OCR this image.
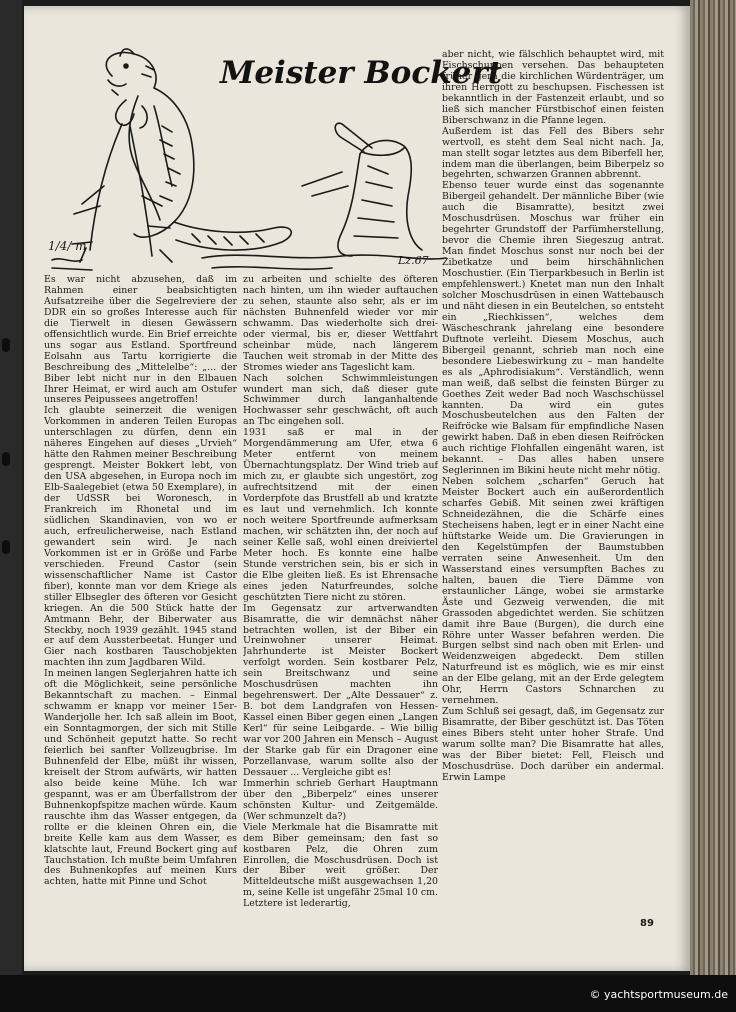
1/4/ m
Lz.67
Meister Bockert

Es war nicht abzusehen, daß im Rahmen einer beabsichtigten Aufsatzreihe über die Segelreviere der DDR ein so großes Interesse auch für die Tierwelt in diesen Gewässern offensichtlich wurde. Ein Brief erreichte uns sogar aus Estland. Sportfreund Eolsahn aus Tartu korrigierte die Beschreibung des „Mittelelbe“: „... der Biber lebt nicht nur in den Elbauen Ihrer Heimat, er wird auch am Ostufer unseres Peipussees angetroffen!

Ich glaubte seinerzeit die wenigen Vorkommen in anderen Teilen Europas unterschlagen zu dürfen, denn ein näheres Eingehen auf dieses „Urvieh“ hätte den Rahmen meiner Beschreibung gesprengt. Meister Bokkert lebt, von den USA abgesehen, in Europa noch im Elb-Saalegebiet (etwa 50 Exemplare), in der UdSSR bei Woronesch, in Frankreich im Rhonetal und im südlichen Skandinavien, von wo er auch, erfreulicherweise, nach Estland gewandert sein wird. Je nach Vorkommen ist er in Größe und Farbe verschieden. Freund Castor (sein wissenschaftlicher Name ist Castor fiber), konnte man vor dem Kriege als stiller Elbsegler des öfteren vor Gesicht kriegen. An die 500 Stück hatte der Amtmann Behr, der Biberwater aus Steckby, noch 1939 gezählt. 1945 stand er auf dem Aussterbeetat. Hunger und Gier nach kostbaren Tauschobjekten machten ihn zum Jagdbaren Wild.

In meinen langen Seglerjahren hatte ich oft die Möglichkeit, seine persönliche Bekanntschaft zu machen. – Einmal schwamm er knapp vor meiner 15er-Wanderjolle her. Ich saß allein im Boot, ein Sonntagmorgen, der sich mit Stille und Schönheit geputzt hatte. So recht feierlich bei sanfter Vollzeugbrise. Im Buhnenfeld der Elbe, müßt ihr wissen, kreiselt der Strom aufwärts, wir hatten also beide keine Mühe. Ich war gespannt, was er am Überfallstrom der Buhnenkopfspitze machen würde. Kaum rauschte ihm das Wasser entgegen, da rollte er die kleinen Ohren ein, die breite Kelle kam aus dem Wasser, es klatschte laut, Freund Bockert ging auf Tauchstation. Ich mußte beim Umfahren des Buhnenkopfes auf meinen Kurs achten, hatte mit Pinne und Schot

zu arbeiten und schielte des öfteren nach hinten, um ihn wieder auftauchen zu sehen, staunte also sehr, als er im nächsten Buhnenfeld wieder vor mir schwamm. Das wiederholte sich drei- oder viermal, bis er, dieser Wettfahrt scheinbar müde, nach längerem Tauchen weit stromab in der Mitte des Stromes wieder ans Tageslicht kam.

Nach solchen Schwimmleistungen wundert man sich, daß dieser gute Schwimmer durch langanhaltende Hochwasser sehr geschwächt, oft auch an Tbc eingehen soll.

1931 saß er mal in der Morgendämmerung am Ufer, etwa 6 Meter entfernt von meinem Übernachtungsplatz. Der Wind trieb auf mich zu, er glaubte sich ungestört, zog aufrechtsitzend mit der einen Vorderpfote das Brustfell ab und kratzte es laut und vernehmlich. Ich konnte noch weitere Sportfreunde aufmerksam machen, wir schätzten ihn, der noch auf seiner Kelle saß, wohl einen dreiviertel Meter hoch. Es konnte eine halbe Stunde verstrichen sein, bis er sich in die Elbe gleiten ließ. Es ist Ehrensache eines jeden Naturfreundes, solche geschützten Tiere nicht zu stören.

Im Gegensatz zur artverwandten Bisamratte, die wir demnächst näher betrachten wollen, ist der Biber ein Ureinwohner unserer Heimat. Jahrhunderte ist Meister Bockert verfolgt worden. Sein kostbarer Pelz, sein Breitschwanz und seine Moschusdrüsen machten ihn begehrenswert. Der „Alte Dessauer“ z. B. bot dem Landgrafen von Hessen-Kassel einen Biber gegen einen „Langen Kerl“ für seine Leibgarde. – Wie billig war vor 200 Jahren ein Mensch – August der Starke gab für ein Dragoner eine Porzellanvase, warum sollte also der Dessauer ... Vergleiche gibt es!

Immerhin schrieb Gerhart Hauptmann über den „Biberpelz“ eines unserer schönsten Kultur- und Zeitgemälde. (Wer schmunzelt da?)

Viele Merkmale hat die Bisamratte mit dem Biber gemeinsam; den fast so kostbaren Pelz, die Ohren zum Einrollen, die Moschusdrüsen. Doch ist der Biber weit größer. Der Mitteldeutsche mißt ausgewachsen 1,20 m, seine Kelle ist ungefähr 25mal 10 cm. Letztere ist lederartig,

aber nicht, wie fälschlich behauptet wird, mit Fischschuppen versehen. Das behaupteten früher gern die kirchlichen Würdenträger, um ihren Herrgott zu beschupsen. Fischessen ist bekanntlich in der Fastenzeit erlaubt, und so ließ sich mancher Fürstbischof einen feisten Biberschwanz in die Pfanne legen.

Außerdem ist das Fell des Bibers sehr wertvoll, es steht dem Seal nicht nach. Ja, man stellt sogar letztes aus dem Biberfell her, indem man die überlangen, beim Biberpelz so begehrten, schwarzen Grannen abbrennt.

Ebenso teuer wurde einst das sogenannte Bibergeil gehandelt. Der männliche Biber (wie auch die Bisamratte), besitzt zwei Moschusdrüsen. Moschus war früher ein begehrter Grundstoff der Parfümherstellung, bevor die Chemie ihren Siegeszug antrat. Man findet Moschus sonst nur noch bei der Zibetkatze und beim hirschähnlichen Moschustier. (Ein Tierparkbesuch in Berlin ist empfehlenswert.) Knetet man nun den Inhalt solcher Moschusdrüsen in einen Wattebausch und näht diesen in ein Beutelchen, so entsteht ein „Riechkissen“, welches dem Wäscheschrank jahrelang eine besondere Duftnote verleiht. Diesem Moschus, auch Bibergeil genannt, schrieb man noch eine besondere Liebeswirkung zu – man handelte es als „Aphrodisiakum“. Verständlich, wenn man weiß, daß selbst die feinsten Bürger zu Goethes Zeit weder Bad noch Waschschüssel kannten. Da wird ein gutes Moschusbeutelchen aus den Falten der Reifröcke wie Balsam für empfindliche Nasen gewirkt haben. Daß in eben diesen Reifröcken auch richtige Flohfallen eingenäht waren, ist bekannt. – Das alles haben unsere Seglerinnen im Bikini heute nicht mehr nötig.

Neben solchem „scharfen“ Geruch hat Meister Bockert auch ein außerordentlich scharfes Gebiß. Mit seinen zwei kräftigen Schneidezähnen, die die Schärfe eines Stecheisens haben, legt er in einer Nacht eine hüftstarke Weide um. Die Gravierungen in den Kegelstümpfen der Baumstubben verraten seine Anwesenheit. Um den Wasserstand eines versumpften Baches zu halten, bauen die Tiere Dämme von erstaunlicher Länge, wobei sie armstarke Äste und Gezweig verwenden, die mit Grassoden abgedichtet werden. Sie schützen damit ihre Baue (Burgen), die durch eine Röhre unter Wasser befahren werden. Die Burgen selbst sind nach oben mit Erlen- und Weidenzweigen abgedeckt. Dem stillen Naturfreund ist es möglich, wie es mir einst an der Elbe gelang, mit an der Erde gelegtem Ohr, Herrn Castors Schnarchen zu vernehmen.

Zum Schluß sei gesagt, daß, im Gegensatz zur Bisamratte, der Biber geschützt ist. Das Töten eines Bibers steht unter hoher Strafe. Und warum sollte man? Die Bisamratte hat alles, was der Biber bietet: Fell, Fleisch und Moschusdrüse. Doch darüber ein andermal. Erwin Lampe

89
© yachtsportmuseum.de
